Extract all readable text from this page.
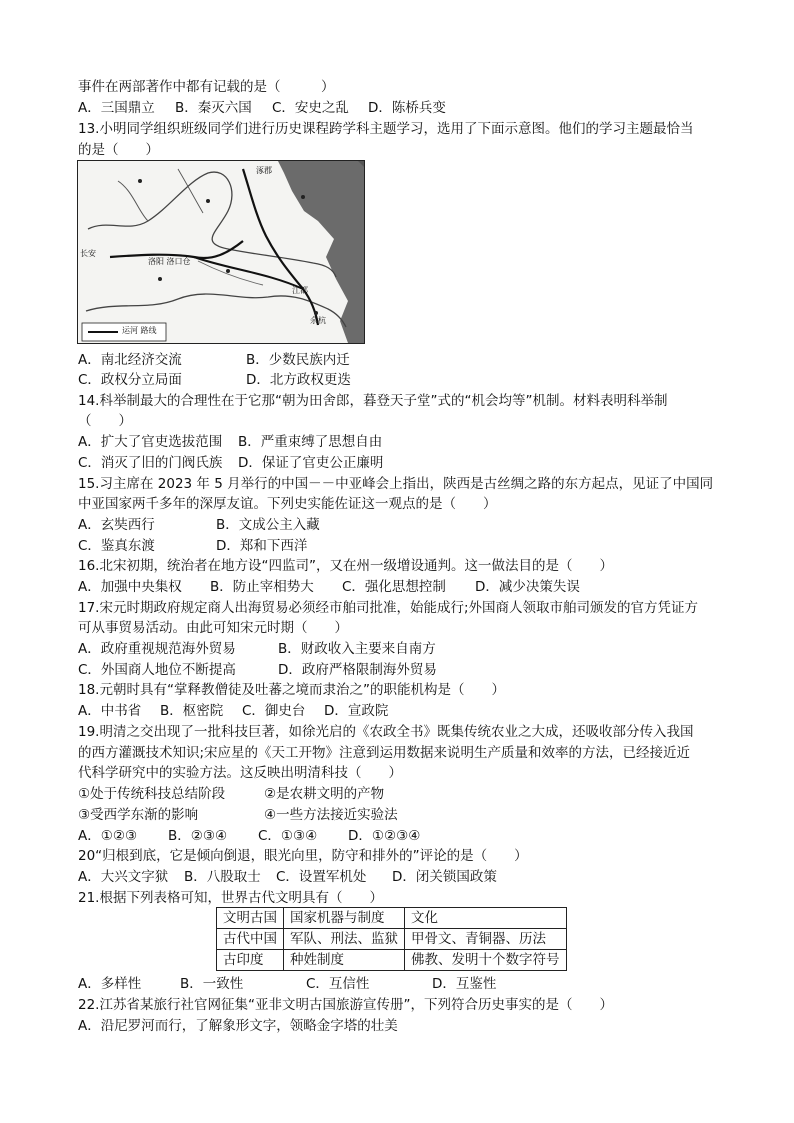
事件在两部著作中都有记载的是（　　　）
A．三国鼎立 B．秦灭六国 C．安史之乱 D．陈桥兵变
13.小明同学组织班级同学们进行历史课程跨学科主题学习，选用了下面示意图。他们的学习主题最恰当
的是（　　）
涿郡
长安
洛阳 洛口仓
江都
余杭
运河 路线
A．南北经济交流	B．少数民族内迁
C．政权分立局面	D．北方政权更迭
14.科举制最大的合理性在于它那“朝为田舍郎，暮登天子堂”式的“机会均等”机制。材料表明科举制
（　　）
A．扩大了官吏选拔范围 B．严重束缚了思想自由
C．消灭了旧的门阀氏族 D．保证了官吏公正廉明
15.习主席在 2023 年 5 月举行的中国－－中亚峰会上指出，陕西是古丝绸之路的东方起点，见证了中国同
中亚国家两千多年的深厚友谊。下列史实能佐证这一观点的是（　　）
A．玄奘西行	B．文成公主入藏
C．鉴真东渡	D．郑和下西洋
16.北宋初期，统治者在地方设“四监司”，又在州一级增设通判。这一做法目的是（　　）
A．加强中央集权 B．防止宰相势大 C．强化思想控制 D．减少决策失误
17.宋元时期政府规定商人出海贸易必须经市舶司批准，始能成行;外国商人领取市舶司颁发的官方凭证方
可从事贸易活动。由此可知宋元时期（　　）
A．政府重视规范海外贸易	B．财政收入主要来自南方
C．外国商人地位不断提高	D．政府严格限制海外贸易
18.元朝时具有“掌释教僧徒及吐蕃之境而隶治之”的职能机构是（　　）
A．中书省 B．枢密院 C．御史台 D．宣政院
19.明清之交出现了一批科技巨著，如徐光启的《农政全书》既集传统农业之大成，还吸收部分传入我国
的西方灌溉技术知识;宋应星的《天工开物》注意到运用数据来说明生产质量和效率的方法，已经接近近
代科学研究中的实验方法。这反映出明清科技（　　）
①处于传统科技总结阶段	②是农耕文明的产物
③受西学东渐的影响	④一些方法接近实验法
A．①②③ B．②③④ C．①③④ D．①②③④
20“归根到底，它是倾向倒退，眼光向里，防守和排外的”评论的是（　　）
A．大兴文字狱 B．八股取士 C．设置军机处 D．闭关锁国政策
21.根据下列表格可知，世界古代文明具有（　　）
文明古国	国家机器与制度	文化
古代中国	军队、刑法、监狱	甲骨文、青铜器、历法
古印度	种姓制度	佛教、发明十个数字符号
A．多样性	B．一致性	C．互信性	D．互鉴性
22.江苏省某旅行社官网征集“亚非文明古国旅游宣传册”，下列符合历史事实的是（　　）
A．沿尼罗河而行，了解象形文字，领略金字塔的壮美
